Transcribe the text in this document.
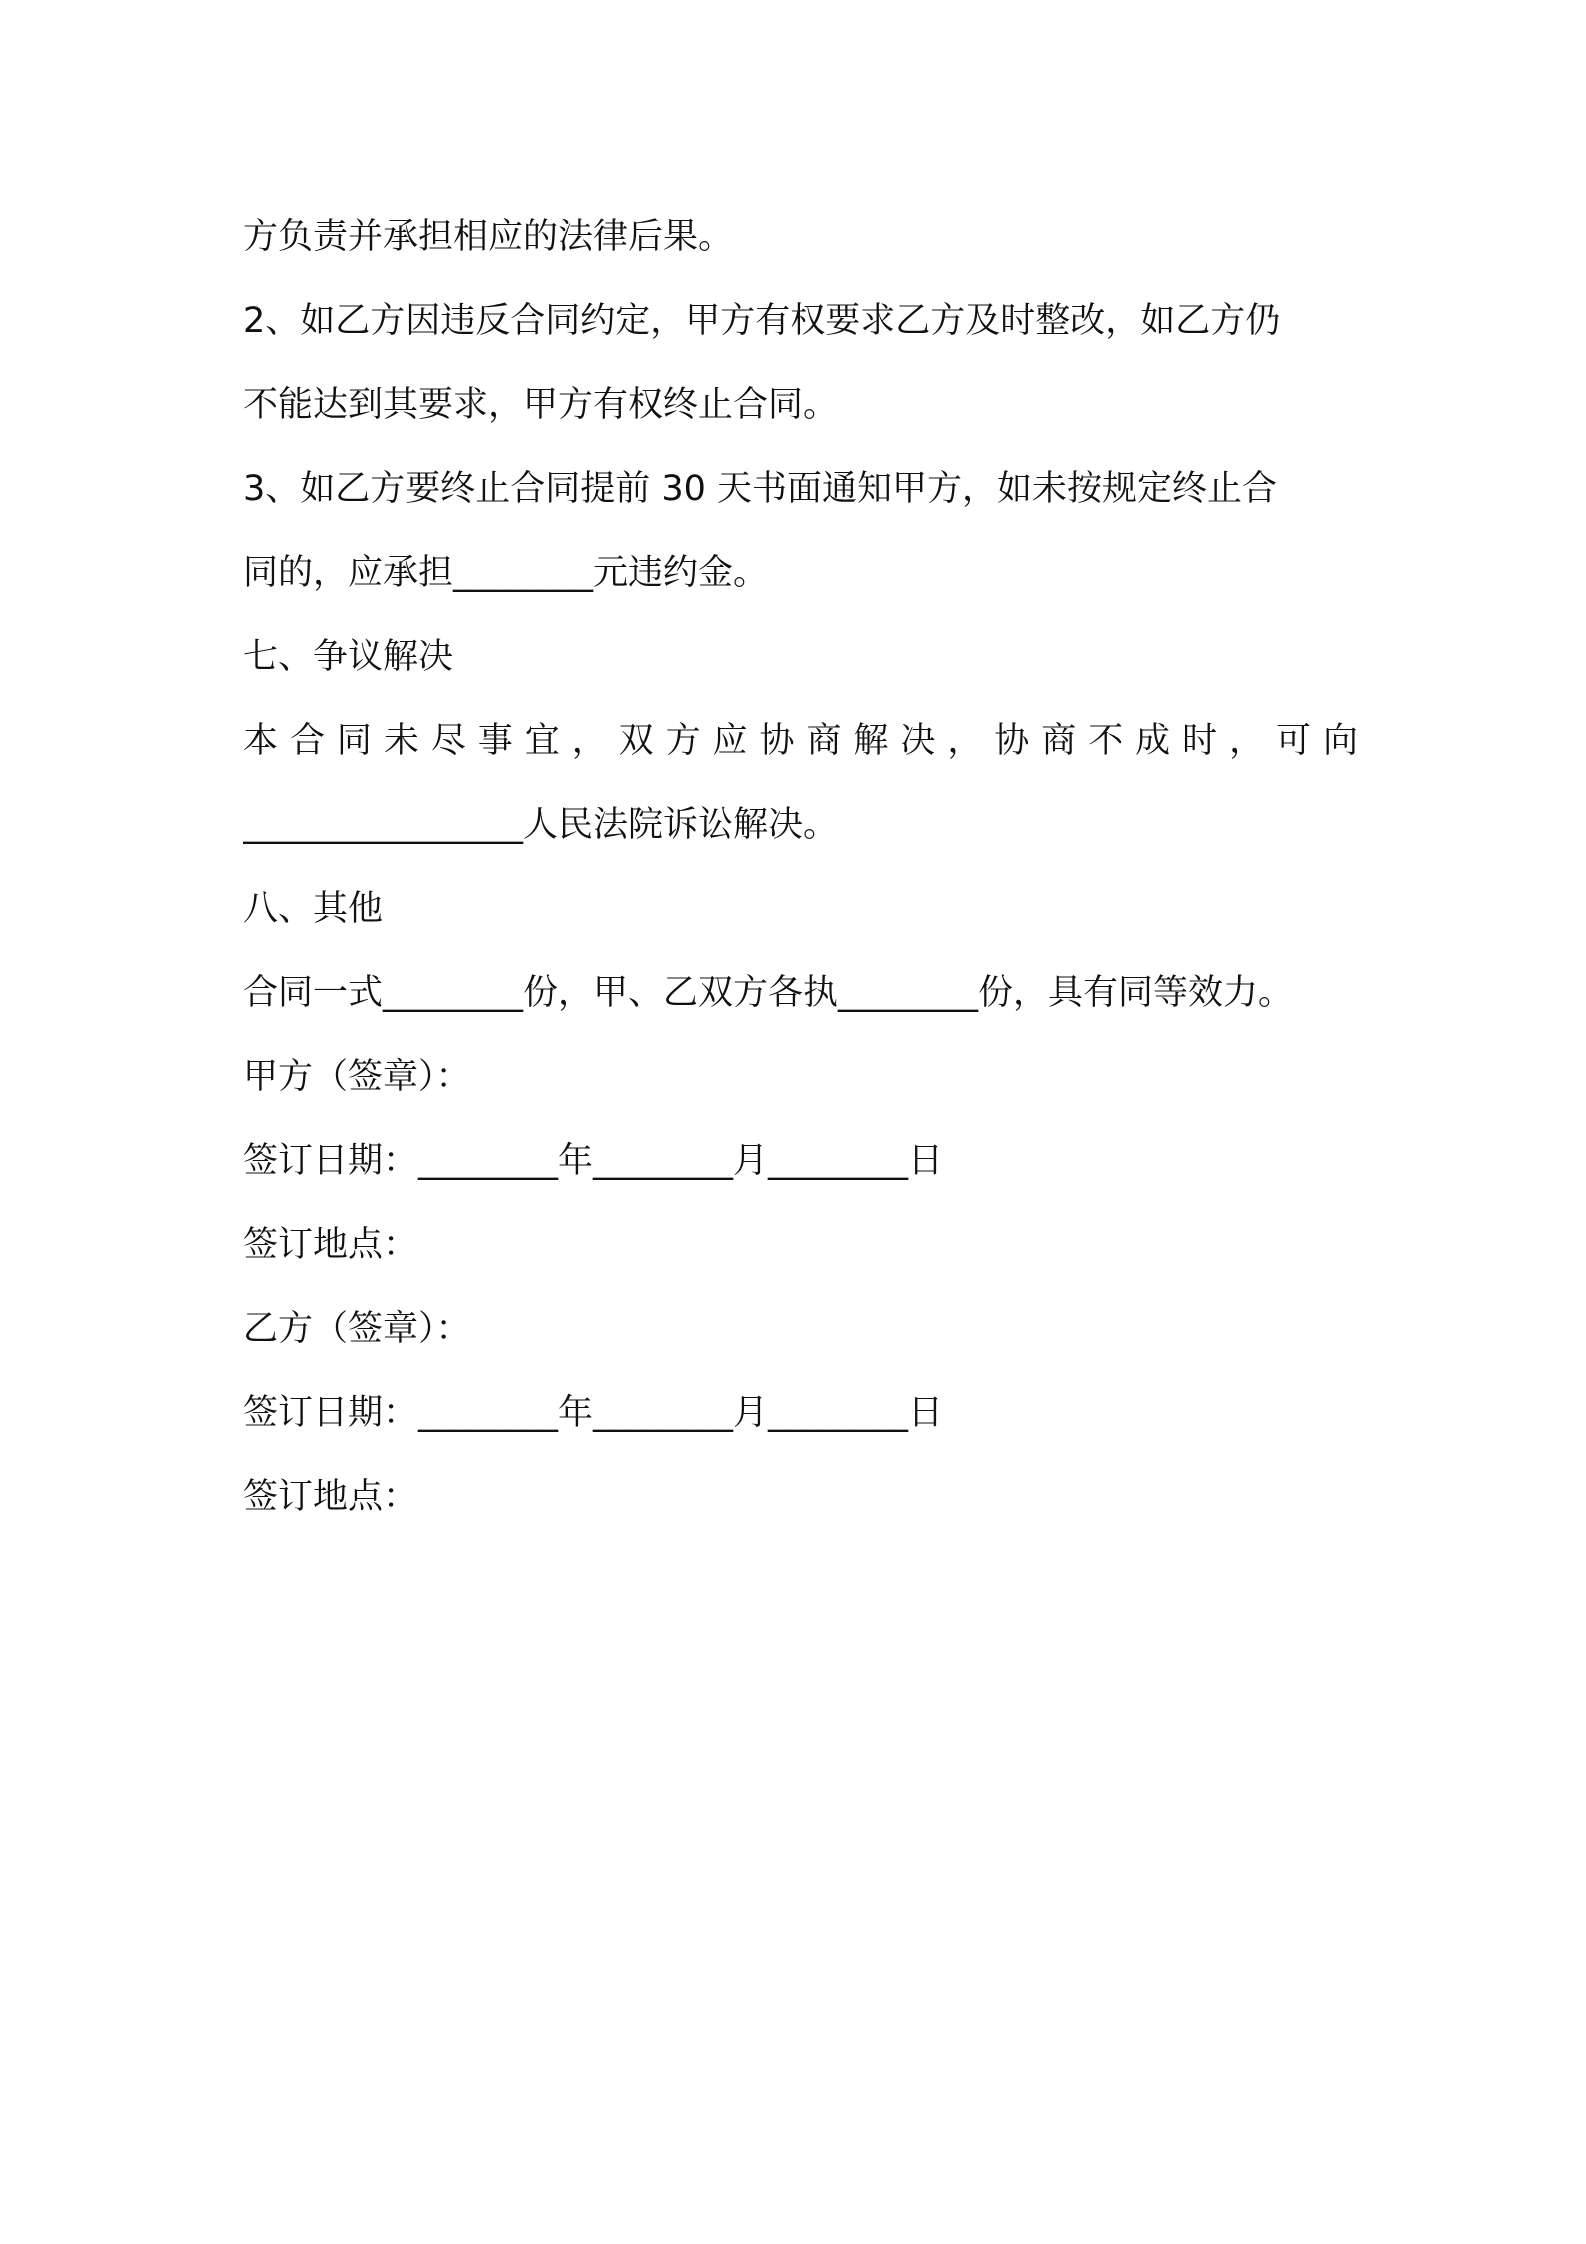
方负责并承担相应的法律后果。
2、如乙方因违反合同约定，甲方有权要求乙方及时整改，如乙方仍
不能达到其要求，甲方有权终止合同。
3、如乙方要终止合同提前 30 天书面通知甲方，如未按规定终止合
同的，应承担________元违约金。
七、争议解决
本合同未尽事宜，双方应协商解决，协商不成时，可向
________________人民法院诉讼解决。
八、其他
合同一式________份，甲、乙双方各执________份，具有同等效力。
甲方（签章）：
签订日期：________年________月________日
签订地点：
乙方（签章）：
签订日期：________年________月________日
签订地点：
